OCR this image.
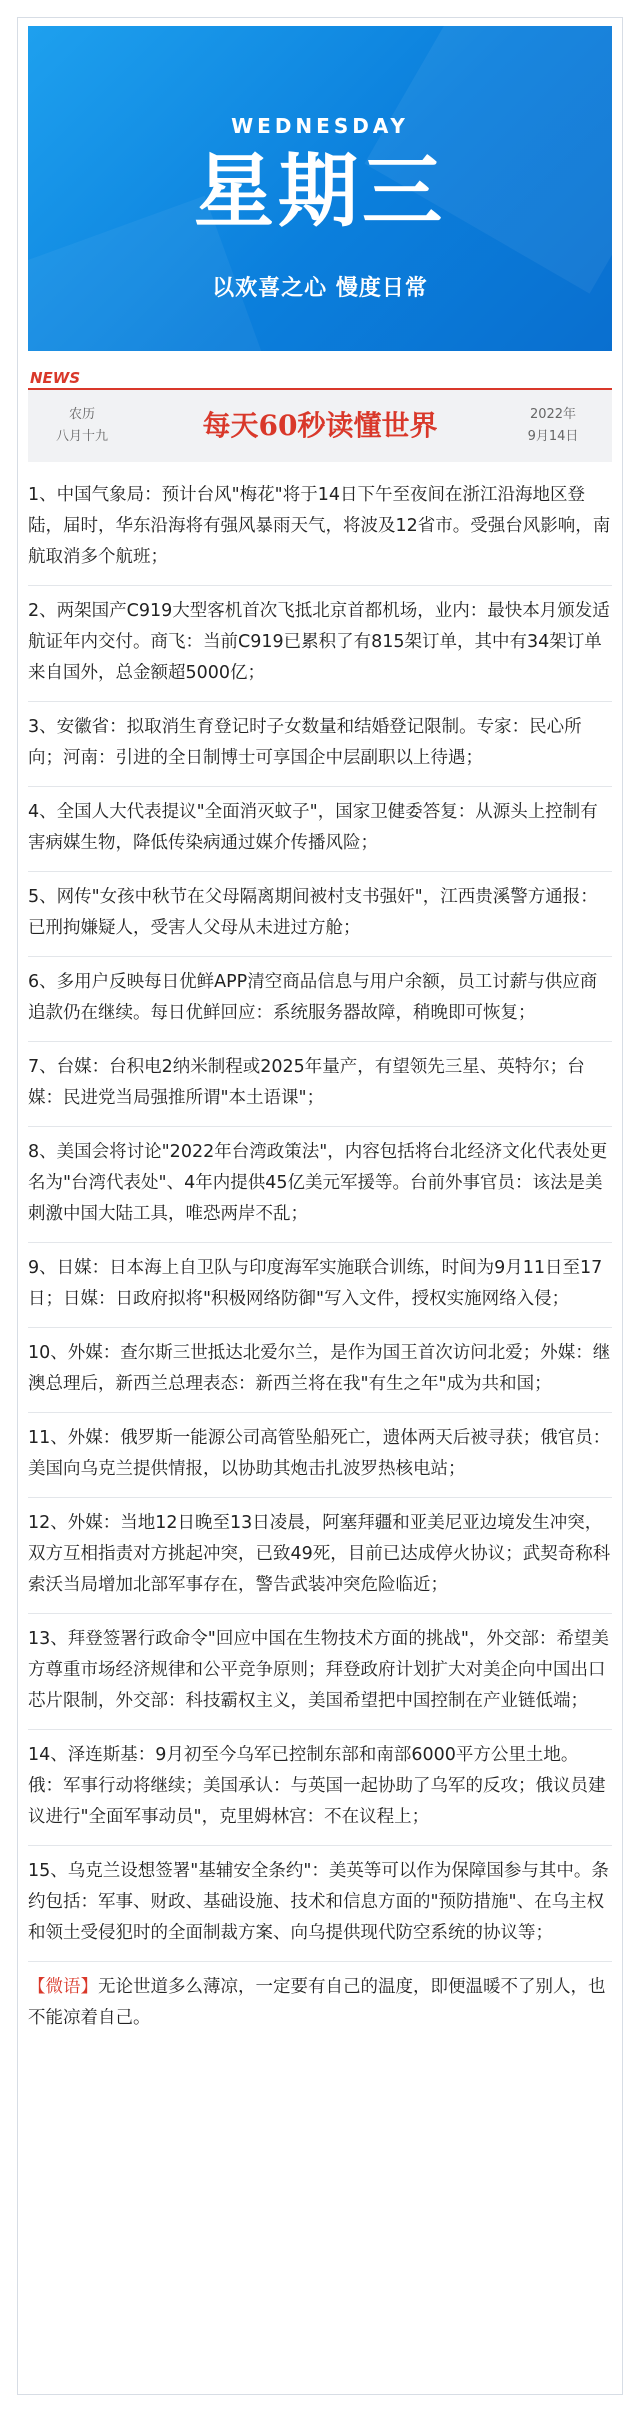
WEDNESDAY
星期三
以欢喜之心 慢度日常
NEWS
农历
八月十九	每天60秒读懂世界	2022年
9月14日
1、中国气象局：预计台风"梅花"将于14日下午至夜间在浙江沿海地区登陆，届时，华东沿海将有强风暴雨天气，将波及12省市。受强台风影响，南航取消多个航班；
2、两架国产C919大型客机首次飞抵北京首都机场，业内：最快本月颁发适航证年内交付。商飞：当前C919已累积了有815架订单，其中有34架订单来自国外，总金额超5000亿；
3、安徽省：拟取消生育登记时子女数量和结婚登记限制。专家：民心所向；河南：引进的全日制博士可享国企中层副职以上待遇；
4、全国人大代表提议"全面消灭蚊子"，国家卫健委答复：从源头上控制有害病媒生物，降低传染病通过媒介传播风险；
5、网传"女孩中秋节在父母隔离期间被村支书强奸"，江西贵溪警方通报：已刑拘嫌疑人，受害人父母从未进过方舱；
6、多用户反映每日优鲜APP清空商品信息与用户余额，员工讨薪与供应商追款仍在继续。每日优鲜回应：系统服务器故障，稍晚即可恢复；
7、台媒：台积电2纳米制程或2025年量产，有望领先三星、英特尔；台媒：民进党当局强推所谓"本土语课"；
8、美国会将讨论"2022年台湾政策法"，内容包括将台北经济文化代表处更名为"台湾代表处"、4年内提供45亿美元军援等。台前外事官员：该法是美刺激中国大陆工具，唯恐两岸不乱；
9、日媒：日本海上自卫队与印度海军实施联合训练，时间为9月11日至17日；日媒：日政府拟将"积极网络防御"写入文件，授权实施网络入侵；
10、外媒：查尔斯三世抵达北爱尔兰，是作为国王首次访问北爱；外媒：继澳总理后，新西兰总理表态：新西兰将在我"有生之年"成为共和国；
11、外媒：俄罗斯一能源公司高管坠船死亡，遗体两天后被寻获；俄官员：美国向乌克兰提供情报，以协助其炮击扎波罗热核电站；
12、外媒：当地12日晚至13日凌晨，阿塞拜疆和亚美尼亚边境发生冲突，双方互相指责对方挑起冲突，已致49死，目前已达成停火协议；武契奇称科索沃当局增加北部军事存在，警告武装冲突危险临近；
13、拜登签署行政命令"回应中国在生物技术方面的挑战"，外交部：希望美方尊重市场经济规律和公平竞争原则；拜登政府计划扩大对美企向中国出口芯片限制，外交部：科技霸权主义，美国希望把中国控制在产业链低端；
14、泽连斯基：9月初至今乌军已控制东部和南部6000平方公里土地。俄：军事行动将继续；美国承认：与英国一起协助了乌军的反攻；俄议员建议进行"全面军事动员"，克里姆林宫：不在议程上；
15、乌克兰设想签署"基辅安全条约"：美英等可以作为保障国参与其中。条约包括：军事、财政、基础设施、技术和信息方面的"预防措施"、在乌主权和领土受侵犯时的全面制裁方案、向乌提供现代防空系统的协议等；
【微语】无论世道多么薄凉，一定要有自己的温度，即便温暖不了别人，也不能凉着自己。
